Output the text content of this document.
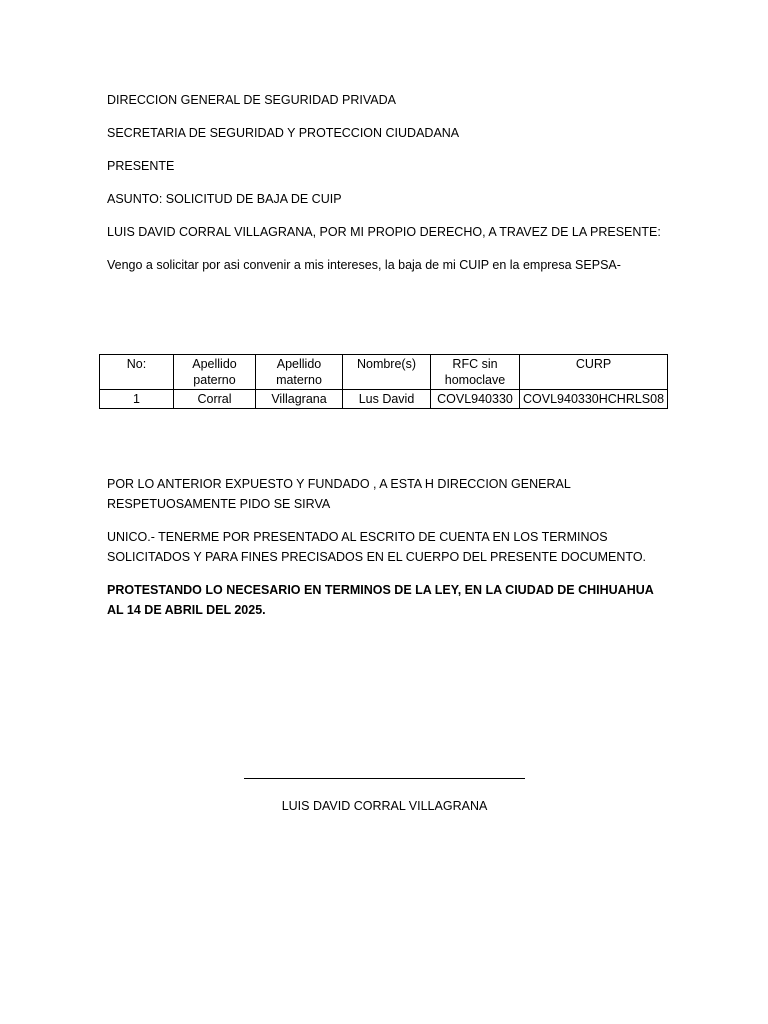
DIRECCION GENERAL DE SEGURIDAD PRIVADA
SECRETARIA DE SEGURIDAD Y PROTECCION CIUDADANA
PRESENTE
ASUNTO: SOLICITUD DE BAJA DE CUIP
LUIS DAVID CORRAL VILLAGRANA, POR MI PROPIO DERECHO, A TRAVEZ DE LA PRESENTE:
Vengo a solicitar por asi convenir a mis intereses, la baja de mi CUIP en la empresa SEPSA-
No:	Apellido paterno	Apellido materno	Nombre(s)	RFC sin homoclave	CURP
1	Corral	Villagrana	Lus David	COVL940330	COVL940330HCHRLS08
POR LO ANTERIOR EXPUESTO Y FUNDADO , A ESTA H DIRECCION GENERAL RESPETUOSAMENTE PIDO SE SIRVA
UNICO.- TENERME POR PRESENTADO AL ESCRITO DE CUENTA EN LOS TERMINOS SOLICITADOS Y PARA FINES PRECISADOS EN EL CUERPO DEL PRESENTE DOCUMENTO.
PROTESTANDO LO NECESARIO EN TERMINOS DE LA LEY, EN LA CIUDAD DE CHIHUAHUA AL 14 DE ABRIL DEL 2025.
LUIS DAVID CORRAL VILLAGRANA
